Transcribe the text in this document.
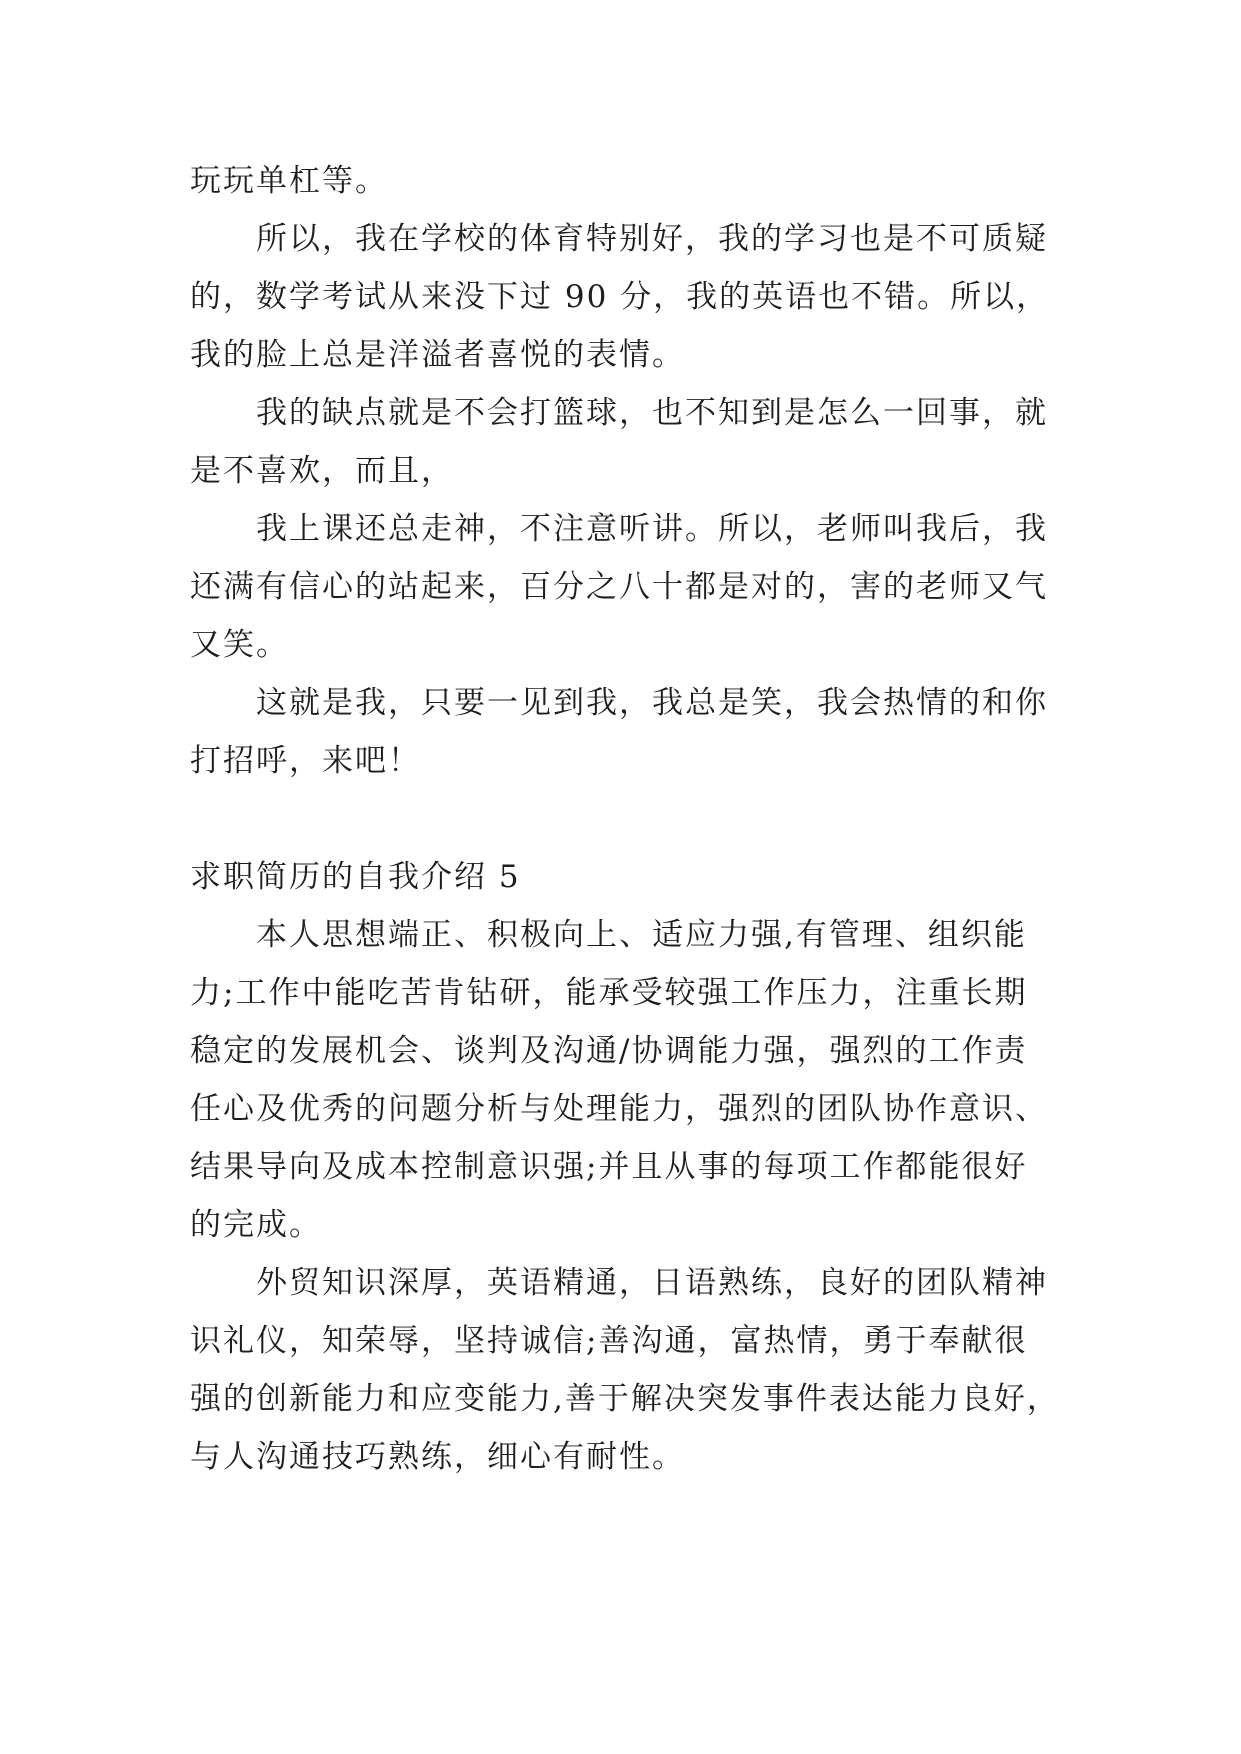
玩玩单杠等。
所以，我在学校的体育特别好，我的学习也是不可质疑
的，数学考试从来没下过 90 分，我的英语也不错。所以，
我的脸上总是洋溢者喜悦的表情。
我的缺点就是不会打篮球，也不知到是怎么一回事，就
是不喜欢，而且，
我上课还总走神，不注意听讲。所以，老师叫我后，我
还满有信心的站起来，百分之八十都是对的，害的老师又气
又笑。
这就是我，只要一见到我，我总是笑，我会热情的和你
打招呼，来吧！
求职简历的自我介绍 5
本人思想端正、积极向上、适应力强,有管理、组织能
力;工作中能吃苦肯钻研，能承受较强工作压力，注重长期
稳定的发展机会、谈判及沟通/协调能力强，强烈的工作责
任心及优秀的问题分析与处理能力，强烈的团队协作意识、
结果导向及成本控制意识强;并且从事的每项工作都能很好
的完成。
外贸知识深厚，英语精通，日语熟练，良好的团队精神
识礼仪，知荣辱，坚持诚信;善沟通，富热情，勇于奉献很
强的创新能力和应变能力,善于解决突发事件表达能力良好，
与人沟通技巧熟练，细心有耐性。
